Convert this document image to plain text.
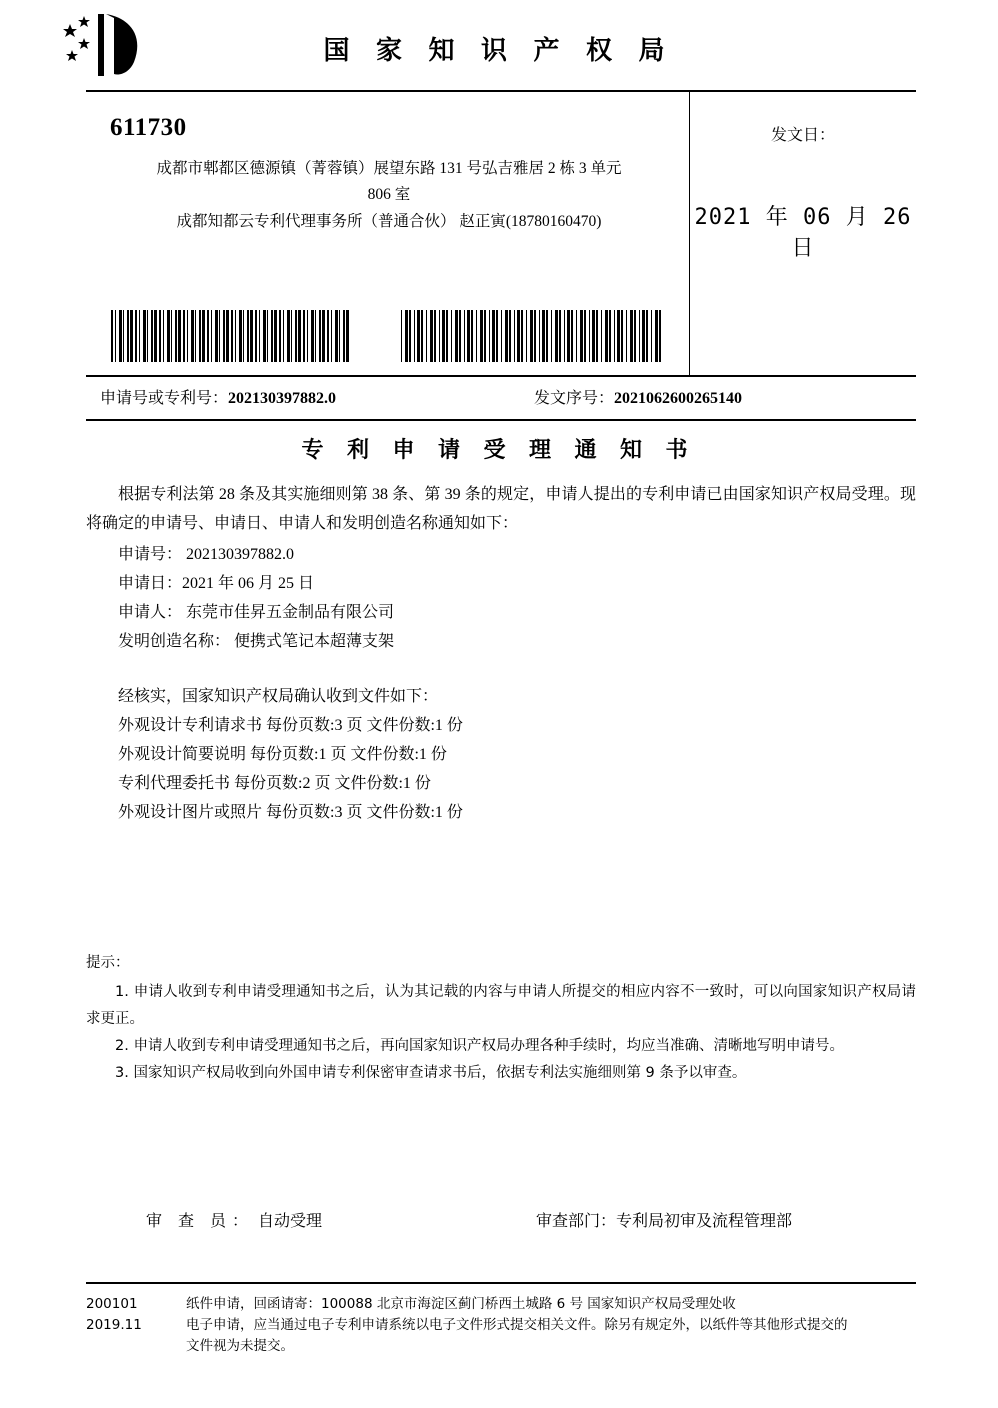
国 家 知 识 产 权 局
611730
成都市郫都区德源镇（菁蓉镇）展望东路 131 号弘吉雅居 2 栋 3 单元
806 室
成都知都云专利代理事务所（普通合伙） 赵正寅(18780160470)
发文日：
2021 年 06 月 26 日
申请号或专利号：202130397882.0	发文序号：2021062600265140
专 利 申 请 受 理 通 知 书
根据专利法第 28 条及其实施细则第 38 条、第 39 条的规定，申请人提出的专利申请已由国家知识产权局受理。现将确定的申请号、申请日、申请人和发明创造名称通知如下：
申请号： 202130397882.0
申请日：2021 年 06 月 25 日
申请人： 东莞市佳昇五金制品有限公司
发明创造名称： 便携式笔记本超薄支架
经核实，国家知识产权局确认收到文件如下：
外观设计专利请求书 每份页数:3 页 文件份数:1 份
外观设计简要说明 每份页数:1 页 文件份数:1 份
专利代理委托书 每份页数:2 页 文件份数:1 份
外观设计图片或照片 每份页数:3 页 文件份数:1 份
提示：
1. 申请人收到专利申请受理通知书之后，认为其记载的内容与申请人所提交的相应内容不一致时，可以向国家知识产权局请求更正。
2. 申请人收到专利申请受理通知书之后，再向国家知识产权局办理各种手续时，均应当准确、清晰地写明申请号。
3. 国家知识产权局收到向外国申请专利保密审查请求书后，依据专利法实施细则第 9 条予以审查。
审 查 员： 自动受理	审查部门：专利局初审及流程管理部
200101
2019.11
纸件申请，回函请寄：100088 北京市海淀区蓟门桥西土城路 6 号 国家知识产权局受理处收
电子申请，应当通过电子专利申请系统以电子文件形式提交相关文件。除另有规定外，以纸件等其他形式提交的
文件视为未提交。
